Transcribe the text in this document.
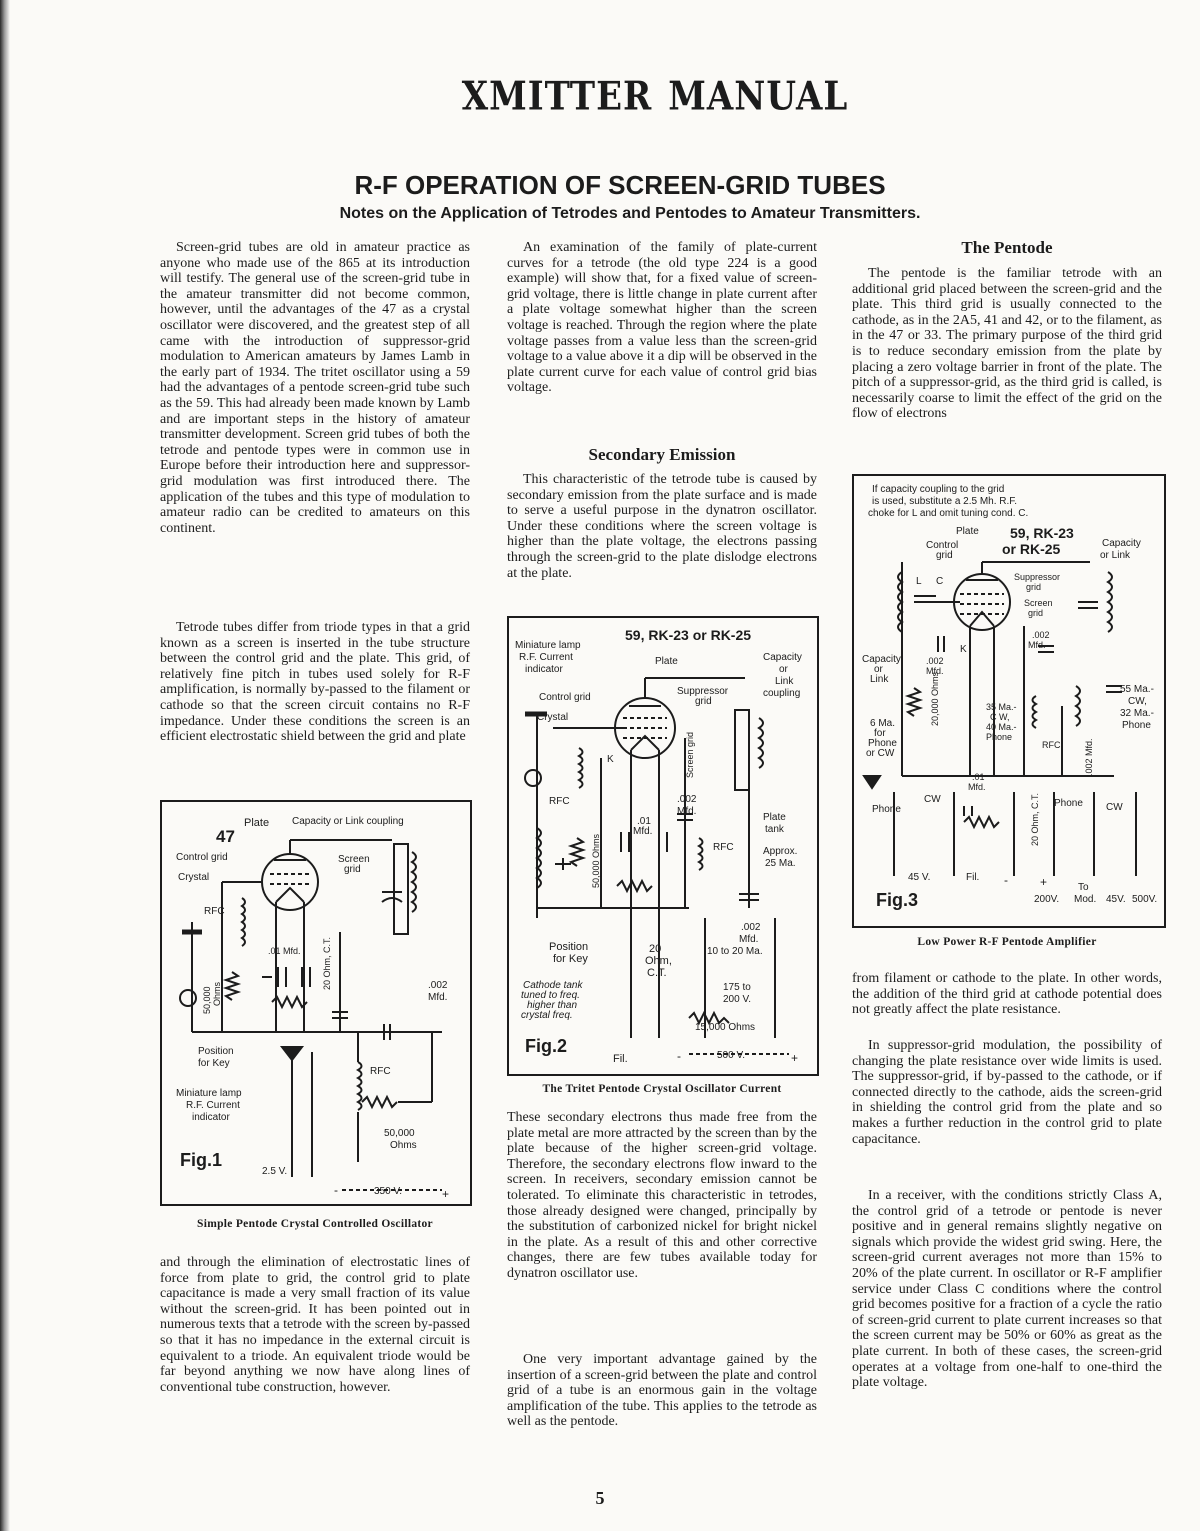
XMITTER MANUAL
R-F OPERATION OF SCREEN-GRID TUBES
Notes on the Application of Tetrodes and Pentodes to Amateur Transmitters.

Screen-grid tubes are old in amateur practice as anyone who made use of the 865 at its introduction will testify. The general use of the screen-grid tube in the amateur transmitter did not become common, however, until the advantages of the 47 as a crystal oscillator were discovered, and the greatest step of all came with the introduction of suppressor-grid modulation to American amateurs by James Lamb in the early part of 1934. The tritet oscillator using a 59 had the advantages of a pentode screen-grid tube such as the 59. This had already been made known by Lamb and are important steps in the history of amateur transmitter development. Screen grid tubes of both the tetrode and pentode types were in common use in Europe before their introduction here and suppressor-grid modulation was first introduced there. The application of the tubes and this type of modulation to amateur radio can be credited to amateurs on this continent.

Tetrode tubes differ from triode types in that a grid known as a screen is inserted in the tube structure between the control grid and the plate. This grid, of relatively fine pitch in tubes used solely for R-F amplification, is normally by-passed to the filament or cathode so that the screen circuit contains no R-F impedance. Under these conditions the screen is an efficient electrostatic shield between the grid and plate

Plate Capacity or Link coupling
47
Control grid	Screen
grid
Crystal
RFC
.01 Mfd. 20 Ohm, C.T.
50,000 Ohms	.002
Mfd.
Position
for Key
RFC
Miniature lamp
R.F. Current
indicator
50,000
Ohms
Fig.1
2.5 V.
-	350 V.	+
Simple Pentode Crystal Controlled Oscillator

and through the elimination of electrostatic lines of force from plate to grid, the control grid to plate capacitance is made a very small fraction of its value without the screen-grid. It has been pointed out in numerous texts that a tetrode with the screen by-passed so that it has no impedance in the external circuit is equivalent to a triode. An equivalent triode would be far beyond anything we now have along lines of conventional tube construction, however.

An examination of the family of plate-current curves for a tetrode (the old type 224 is a good example) will show that, for a fixed value of screen-grid voltage, there is little change in plate current after a plate voltage somewhat higher than the screen voltage is reached. Through the region where the plate voltage passes from a value less than the screen-grid voltage to a value above it a dip will be observed in the plate current curve for each value of control grid bias voltage.

Secondary Emission

This characteristic of the tetrode tube is caused by secondary emission from the plate surface and is made to serve a useful purpose in the dynatron oscillator. Under these conditions where the screen voltage is higher than the plate voltage, the electrons passing through the screen-grid to the plate dislodge electrons at the plate.

59, RK-23 or RK-25
Miniature lamp
R.F. Current
indicator
Plate	Capacity
or
Link
coupling
Control grid
Suppressor
grid
Crystal
Screen grid
K
RFC	.002
Mfd.
.01
Mfd.
50,000 Ohms
Plate
tank
RFC	Approx.
25 Ma.
.002
Mfd.
Position
for Key
20
Ohm,
C.T.
10 to 20 Ma.
Cathode tank
tuned to freq.
higher than
crystal freq.
175 to
200 V.
15,000 Ohms
Fig.2
Fil.	-	500 V.	+
The Tritet Pentode Crystal Oscillator Current

These secondary electrons thus made free from the plate metal are more attracted by the screen than by the plate because of the higher screen-grid voltage. Therefore, the secondary electrons flow inward to the screen. In receivers, secondary emission cannot be tolerated. To eliminate this characteristic in tetrodes, those already designed were changed, principally by the substitution of carbonized nickel for bright nickel in the plate. As a result of this and other corrective changes, there are few tubes available today for dynatron oscillator use.

One very important advantage gained by the insertion of a screen-grid between the plate and control grid of a tube is an enormous gain in the voltage amplification of the tube. This applies to the tetrode as well as the pentode.

The Pentode

The pentode is the familiar tetrode with an additional grid placed between the screen-grid and the plate. This third grid is usually connected to the cathode, as in the 2A5, 41 and 42, or to the filament, as in the 47 or 33. The primary purpose of the third grid is to reduce secondary emission from the plate by placing a zero voltage barrier in front of the plate. The pitch of a suppressor-grid, as the third grid is called, is necessarily coarse to limit the effect of the grid on the flow of electrons

If capacity coupling to the grid
is used, substitute a 2.5 Mh. R.F.
choke for L and omit tuning cond. C.
Plate
Control
grid
59, RK-23
or RK-25	Capacity
or Link
L C	Suppressor
grid
Screen
grid
K
.002
Mfd.
.002
Mfd.
Capacity
or
Link	20,000 Ohms	35 Ma.-
C W,
40 Ma.-
Phone
RFC	.002 Mfd.
55 Ma.-
CW,
32 Ma.-
Phone
6 Ma.
for
Phone
or CW
.01
Mfd.
20 Ohm, C.T.
Phone
CW	Phone CW
45 V.	Fil. -	+	To
200V. Mod. 45V. 500V.
Fig.3
Low Power R-F Pentode Amplifier

from filament or cathode to the plate. In other words, the addition of the third grid at cathode potential does not greatly affect the plate resistance.

In suppressor-grid modulation, the possibility of changing the plate resistance over wide limits is used. The suppressor-grid, if by-passed to the cathode, or if connected directly to the cathode, aids the screen-grid in shielding the control grid from the plate and so makes a further reduction in the control grid to plate capacitance.

In a receiver, with the conditions strictly Class A, the control grid of a tetrode or pentode is never positive and in general remains slightly negative on signals which provide the widest grid swing. Here, the screen-grid current averages not more than 15% to 20% of the plate current. In oscillator or R-F amplifier service under Class C conditions where the control grid becomes positive for a fraction of a cycle the ratio of screen-grid current to plate current increases so that the screen current may be 50% or 60% as great as the plate current. In both of these cases, the screen-grid operates at a voltage from one-half to one-third the plate voltage.

5
